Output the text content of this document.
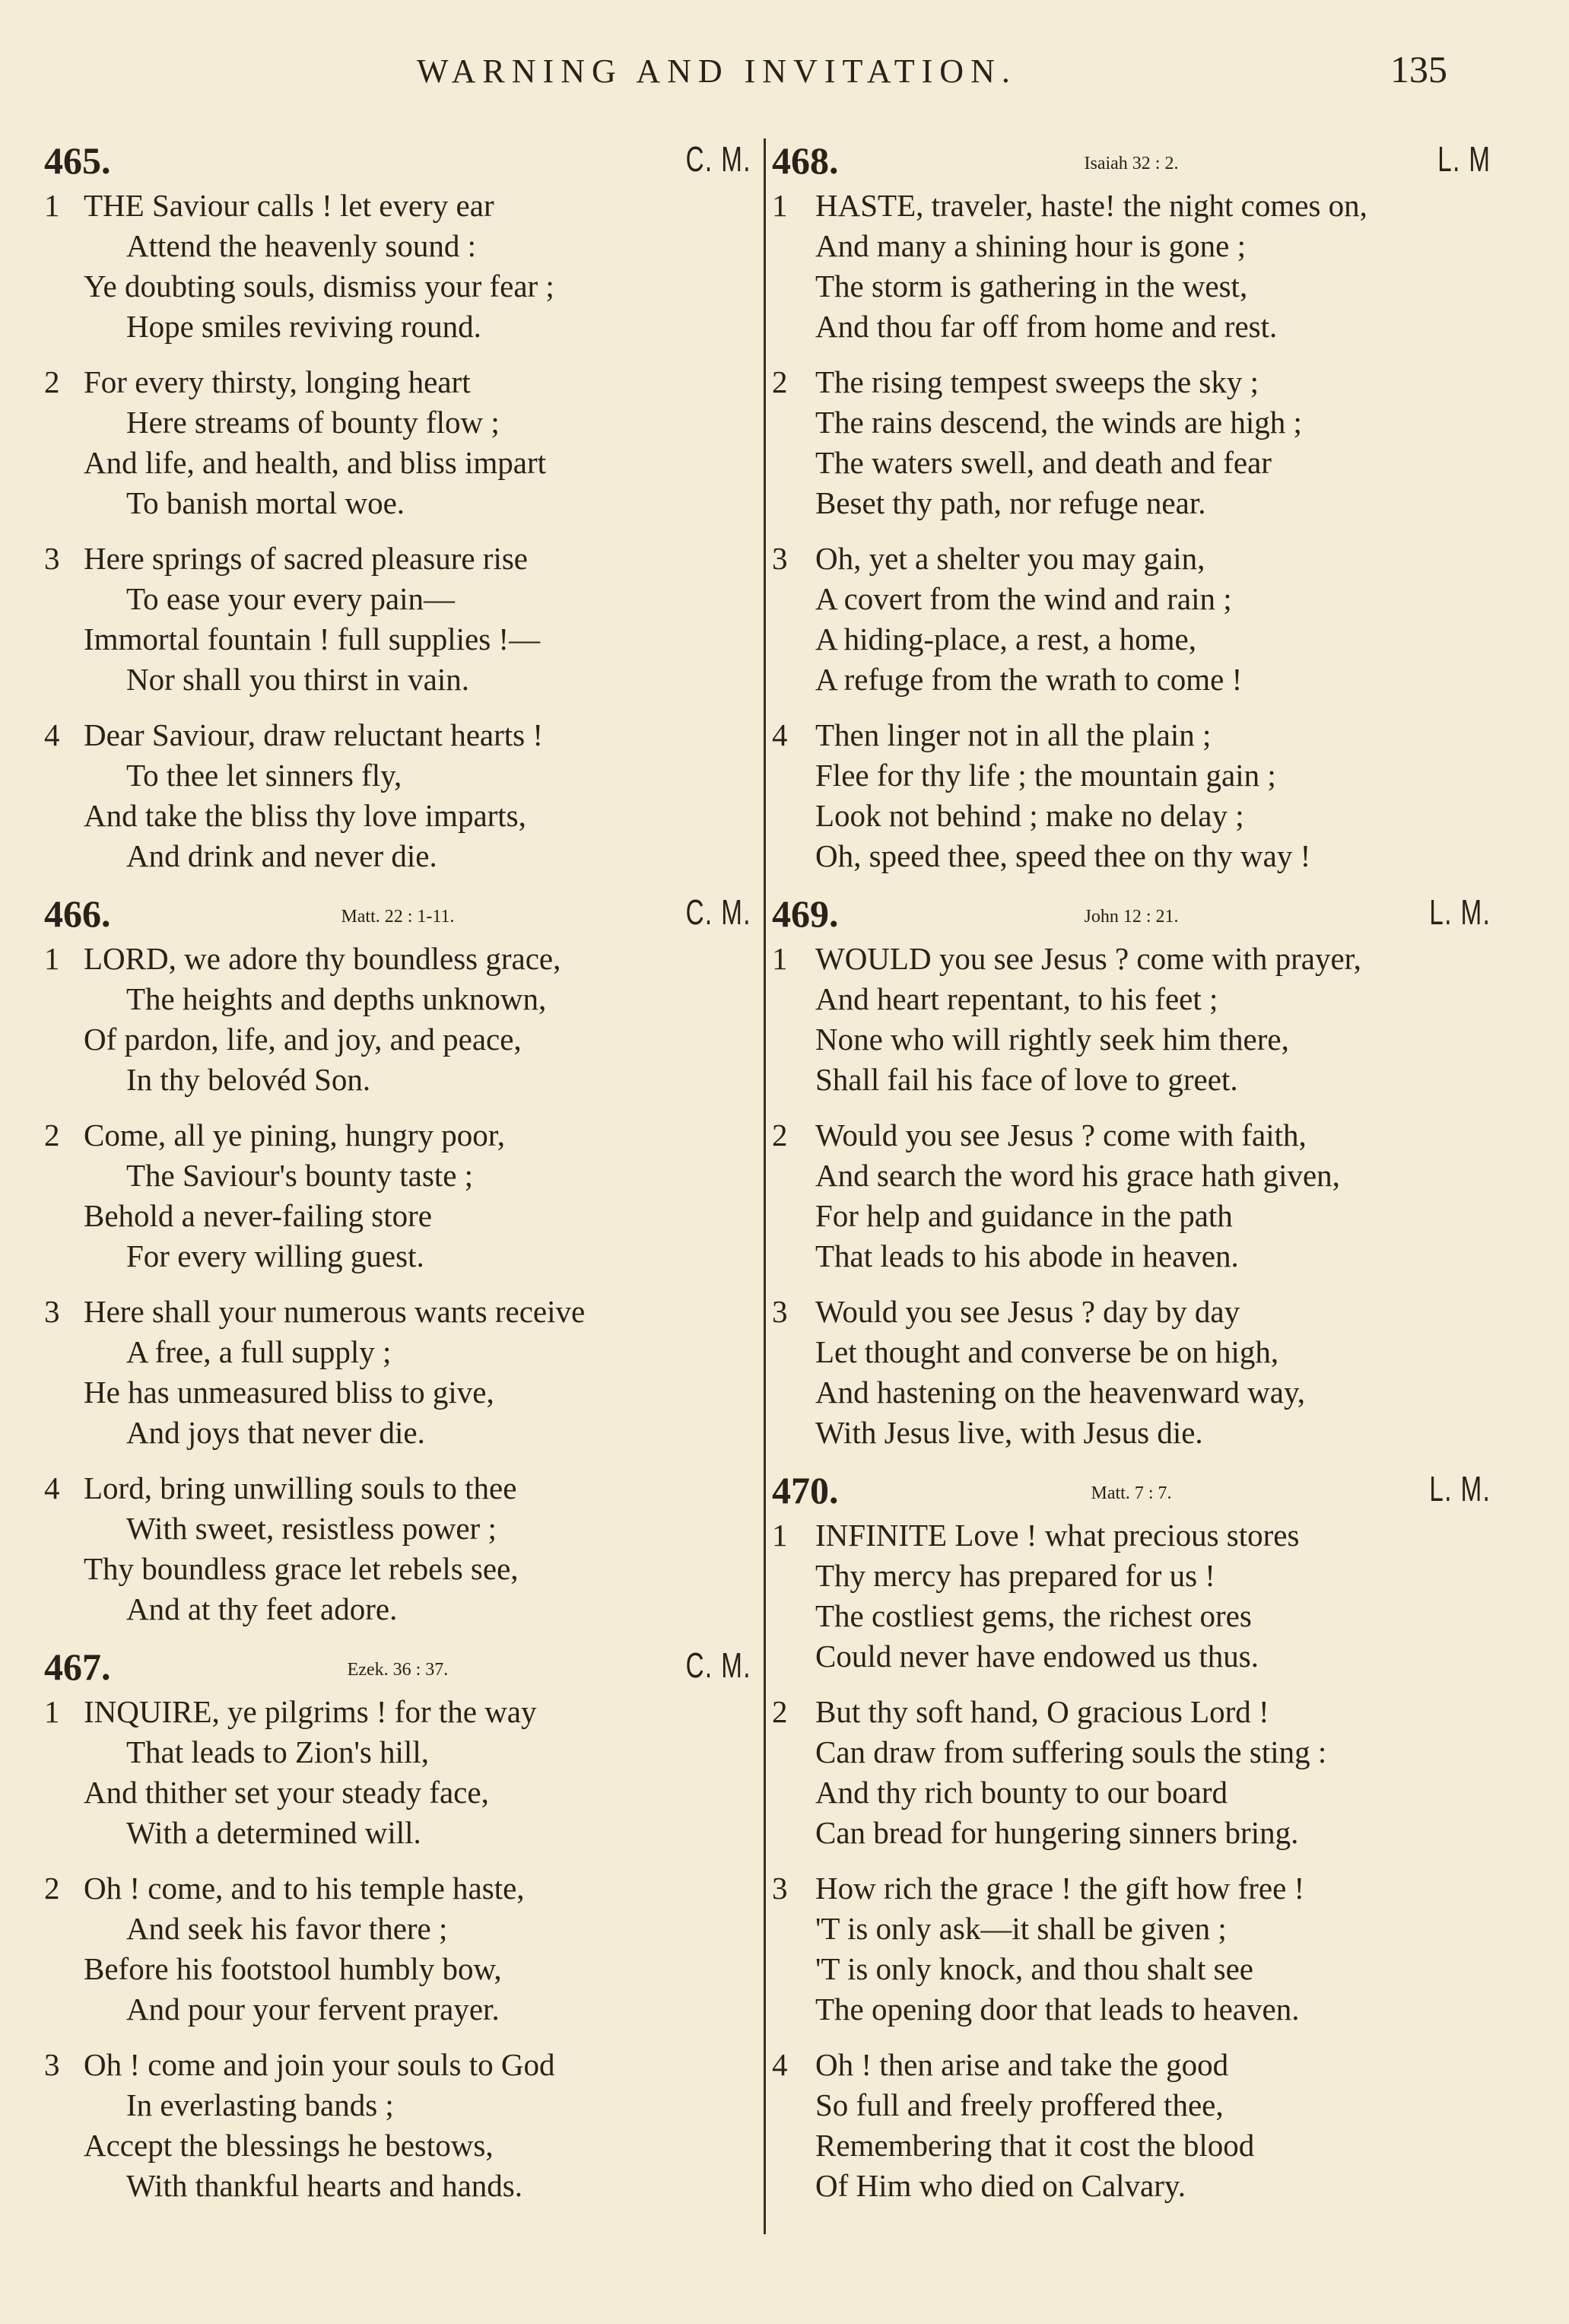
WARNING AND INVITATION.	135
465.	C. M.
1 THE Saviour calls ! let every ear
Attend the heavenly sound :
Ye doubting souls, dismiss your fear ;
Hope smiles reviving round.
2 For every thirsty, longing heart
Here streams of bounty flow ;
And life, and health, and bliss impart
To banish mortal woe.
3 Here springs of sacred pleasure rise
To ease your every pain—
Immortal fountain ! full supplies !—
Nor shall you thirst in vain.
4 Dear Saviour, draw reluctant hearts !
To thee let sinners fly,
And take the bliss thy love imparts,
And drink and never die.
466.	Matt. 22 : 1-11.	C. M.
1 LORD, we adore thy boundless grace,
The heights and depths unknown,
Of pardon, life, and joy, and peace,
In thy belovéd Son.
2 Come, all ye pining, hungry poor,
The Saviour's bounty taste ;
Behold a never-failing store
For every willing guest.
3 Here shall your numerous wants receive
A free, a full supply ;
He has unmeasured bliss to give,
And joys that never die.
4 Lord, bring unwilling souls to thee
With sweet, resistless power ;
Thy boundless grace let rebels see,
And at thy feet adore.
467.	Ezek. 36 : 37.	C. M.
1 INQUIRE, ye pilgrims ! for the way
That leads to Zion's hill,
And thither set your steady face,
With a determined will.
2 Oh ! come, and to his temple haste,
And seek his favor there ;
Before his footstool humbly bow,
And pour your fervent prayer.
3 Oh ! come and join your souls to God
In everlasting bands ;
Accept the blessings he bestows,
With thankful hearts and hands.
468.	Isaiah 32 : 2.	L. M
1 HASTE, traveler, haste! the night comes on,
And many a shining hour is gone ;
The storm is gathering in the west,
And thou far off from home and rest.
2 The rising tempest sweeps the sky ;
The rains descend, the winds are high ;
The waters swell, and death and fear
Beset thy path, nor refuge near.
3 Oh, yet a shelter you may gain,
A covert from the wind and rain ;
A hiding-place, a rest, a home,
A refuge from the wrath to come !
4 Then linger not in all the plain ;
Flee for thy life ; the mountain gain ;
Look not behind ; make no delay ;
Oh, speed thee, speed thee on thy way !
469.	John 12 : 21.	L. M.
1 WOULD you see Jesus ? come with prayer,
And heart repentant, to his feet ;
None who will rightly seek him there,
Shall fail his face of love to greet.
2 Would you see Jesus ? come with faith,
And search the word his grace hath given,
For help and guidance in the path
That leads to his abode in heaven.
3 Would you see Jesus ? day by day
Let thought and converse be on high,
And hastening on the heavenward way,
With Jesus live, with Jesus die.
470.	Matt. 7 : 7.	L. M.
1 INFINITE Love ! what precious stores
Thy mercy has prepared for us !
The costliest gems, the richest ores
Could never have endowed us thus.
2 But thy soft hand, O gracious Lord !
Can draw from suffering souls the sting :
And thy rich bounty to our board
Can bread for hungering sinners bring.
3 How rich the grace ! the gift how free !
'T is only ask—it shall be given ;
'T is only knock, and thou shalt see
The opening door that leads to heaven.
4 Oh ! then arise and take the good
So full and freely proffered thee,
Remembering that it cost the blood
Of Him who died on Calvary.
